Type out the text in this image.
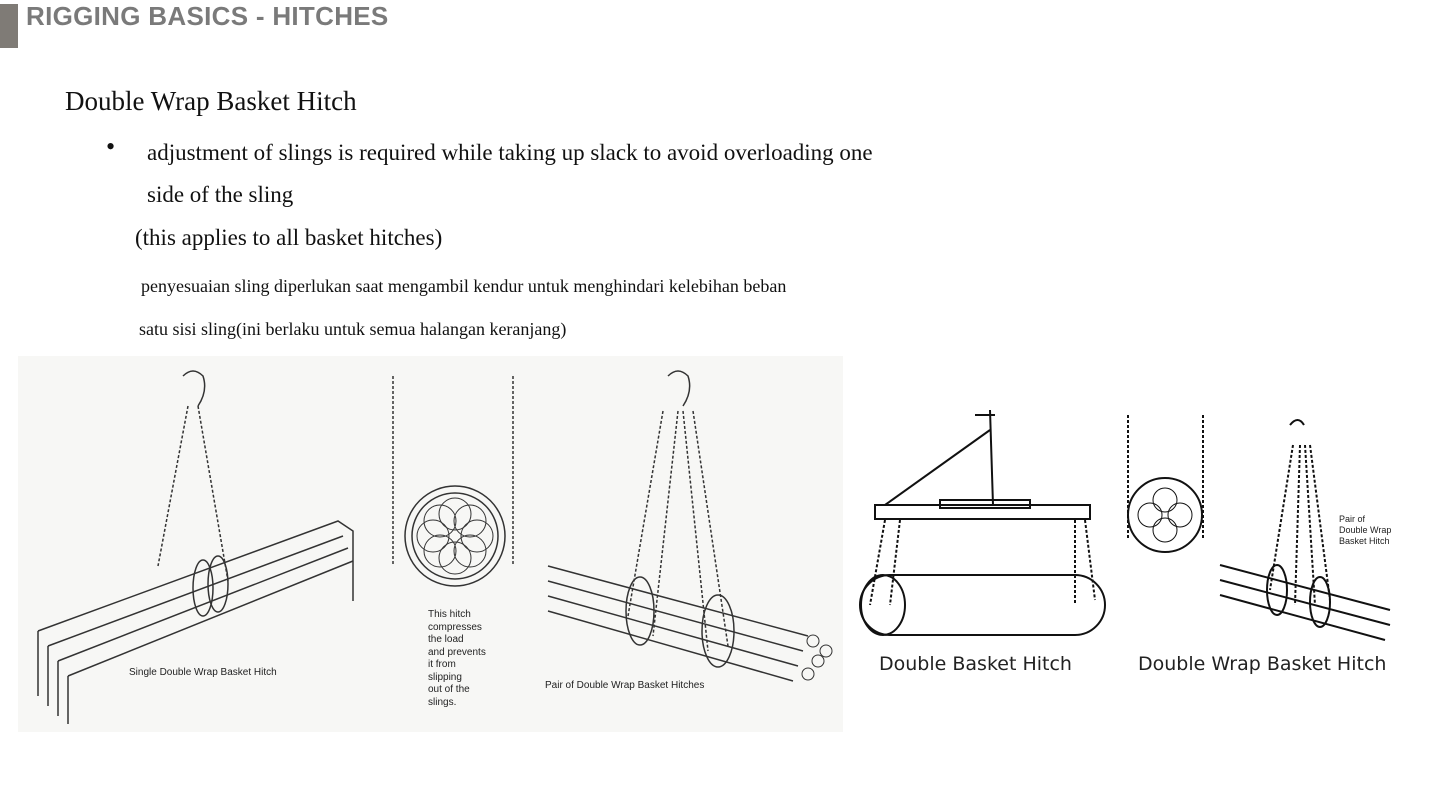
RIGGING BASICS - HITCHES
Double Wrap Basket Hitch
• adjustment of slings is required while taking up slack to avoid overloading one
side of the sling
(this applies to all basket hitches)
penyesuaian sling diperlukan saat mengambil kendur untuk menghindari kelebihan beban
satu sisi sling(ini berlaku untuk semua halangan keranjang)
Single Double Wrap Basket Hitch
This hitch
compresses
the load
and prevents
it from
slipping
out of the
slings.
Pair of Double Wrap Basket Hitches
Double Basket Hitch	Double Wrap Basket Hitch
Pair of
Double Wrap
Basket Hitch
